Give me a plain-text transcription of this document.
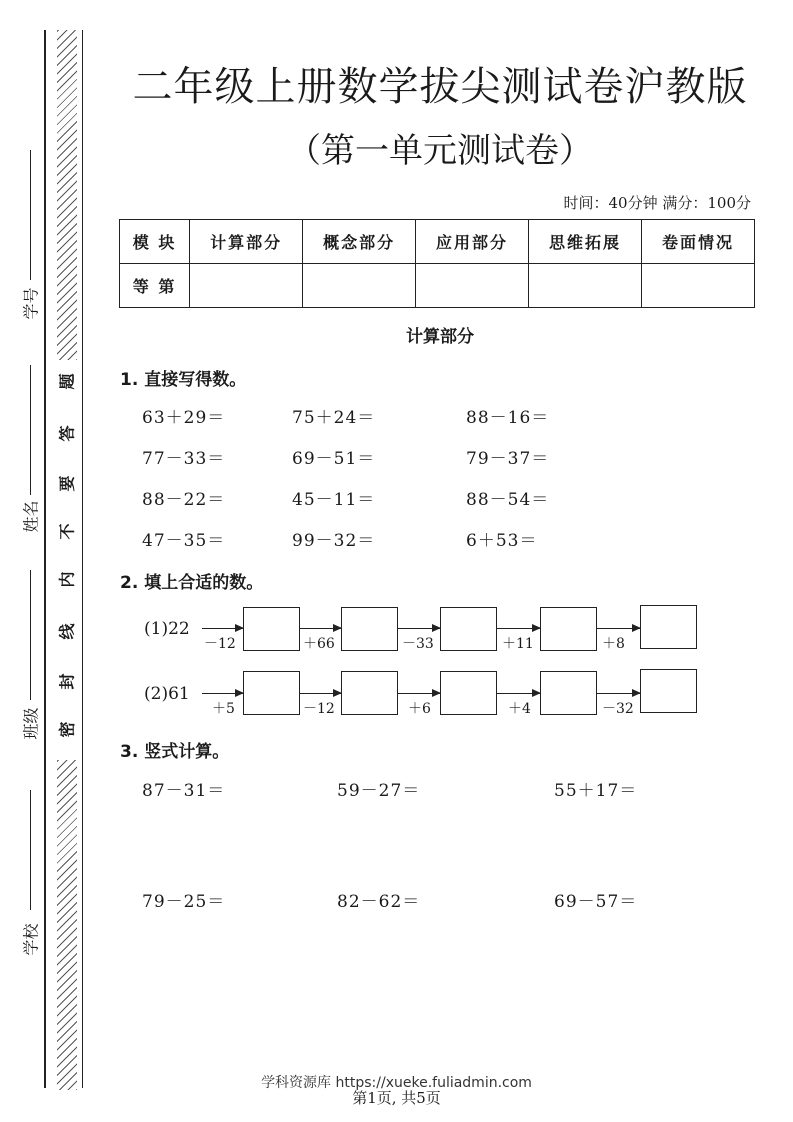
题
答
要
不
内
线
封
密
学号
姓名
班级
学校
二年级上册数学拔尖测试卷沪教版
（第一单元测试卷）
时间：40分钟 满分：100分
模 块	计算部分	概念部分	应用部分	思维拓展	卷面情况
等 第					
计算部分
1. 直接写得数。
63＋29＝	75＋24＝	88－16＝
77－33＝	69－51＝	79－37＝
88－22＝	45－11＝	88－54＝
47－35＝	99－32＝	6＋53＝
2. 填上合适的数。
(1)22
－12	＋66	－33	＋11	＋8
(2)61
＋5	－12	＋6	＋4	－32
3. 竖式计算。
87－31＝	59－27＝	55＋17＝
79－25＝	82－62＝	69－57＝
学科资源库 https://xueke.fuliadmin.com
第1页, 共5页
